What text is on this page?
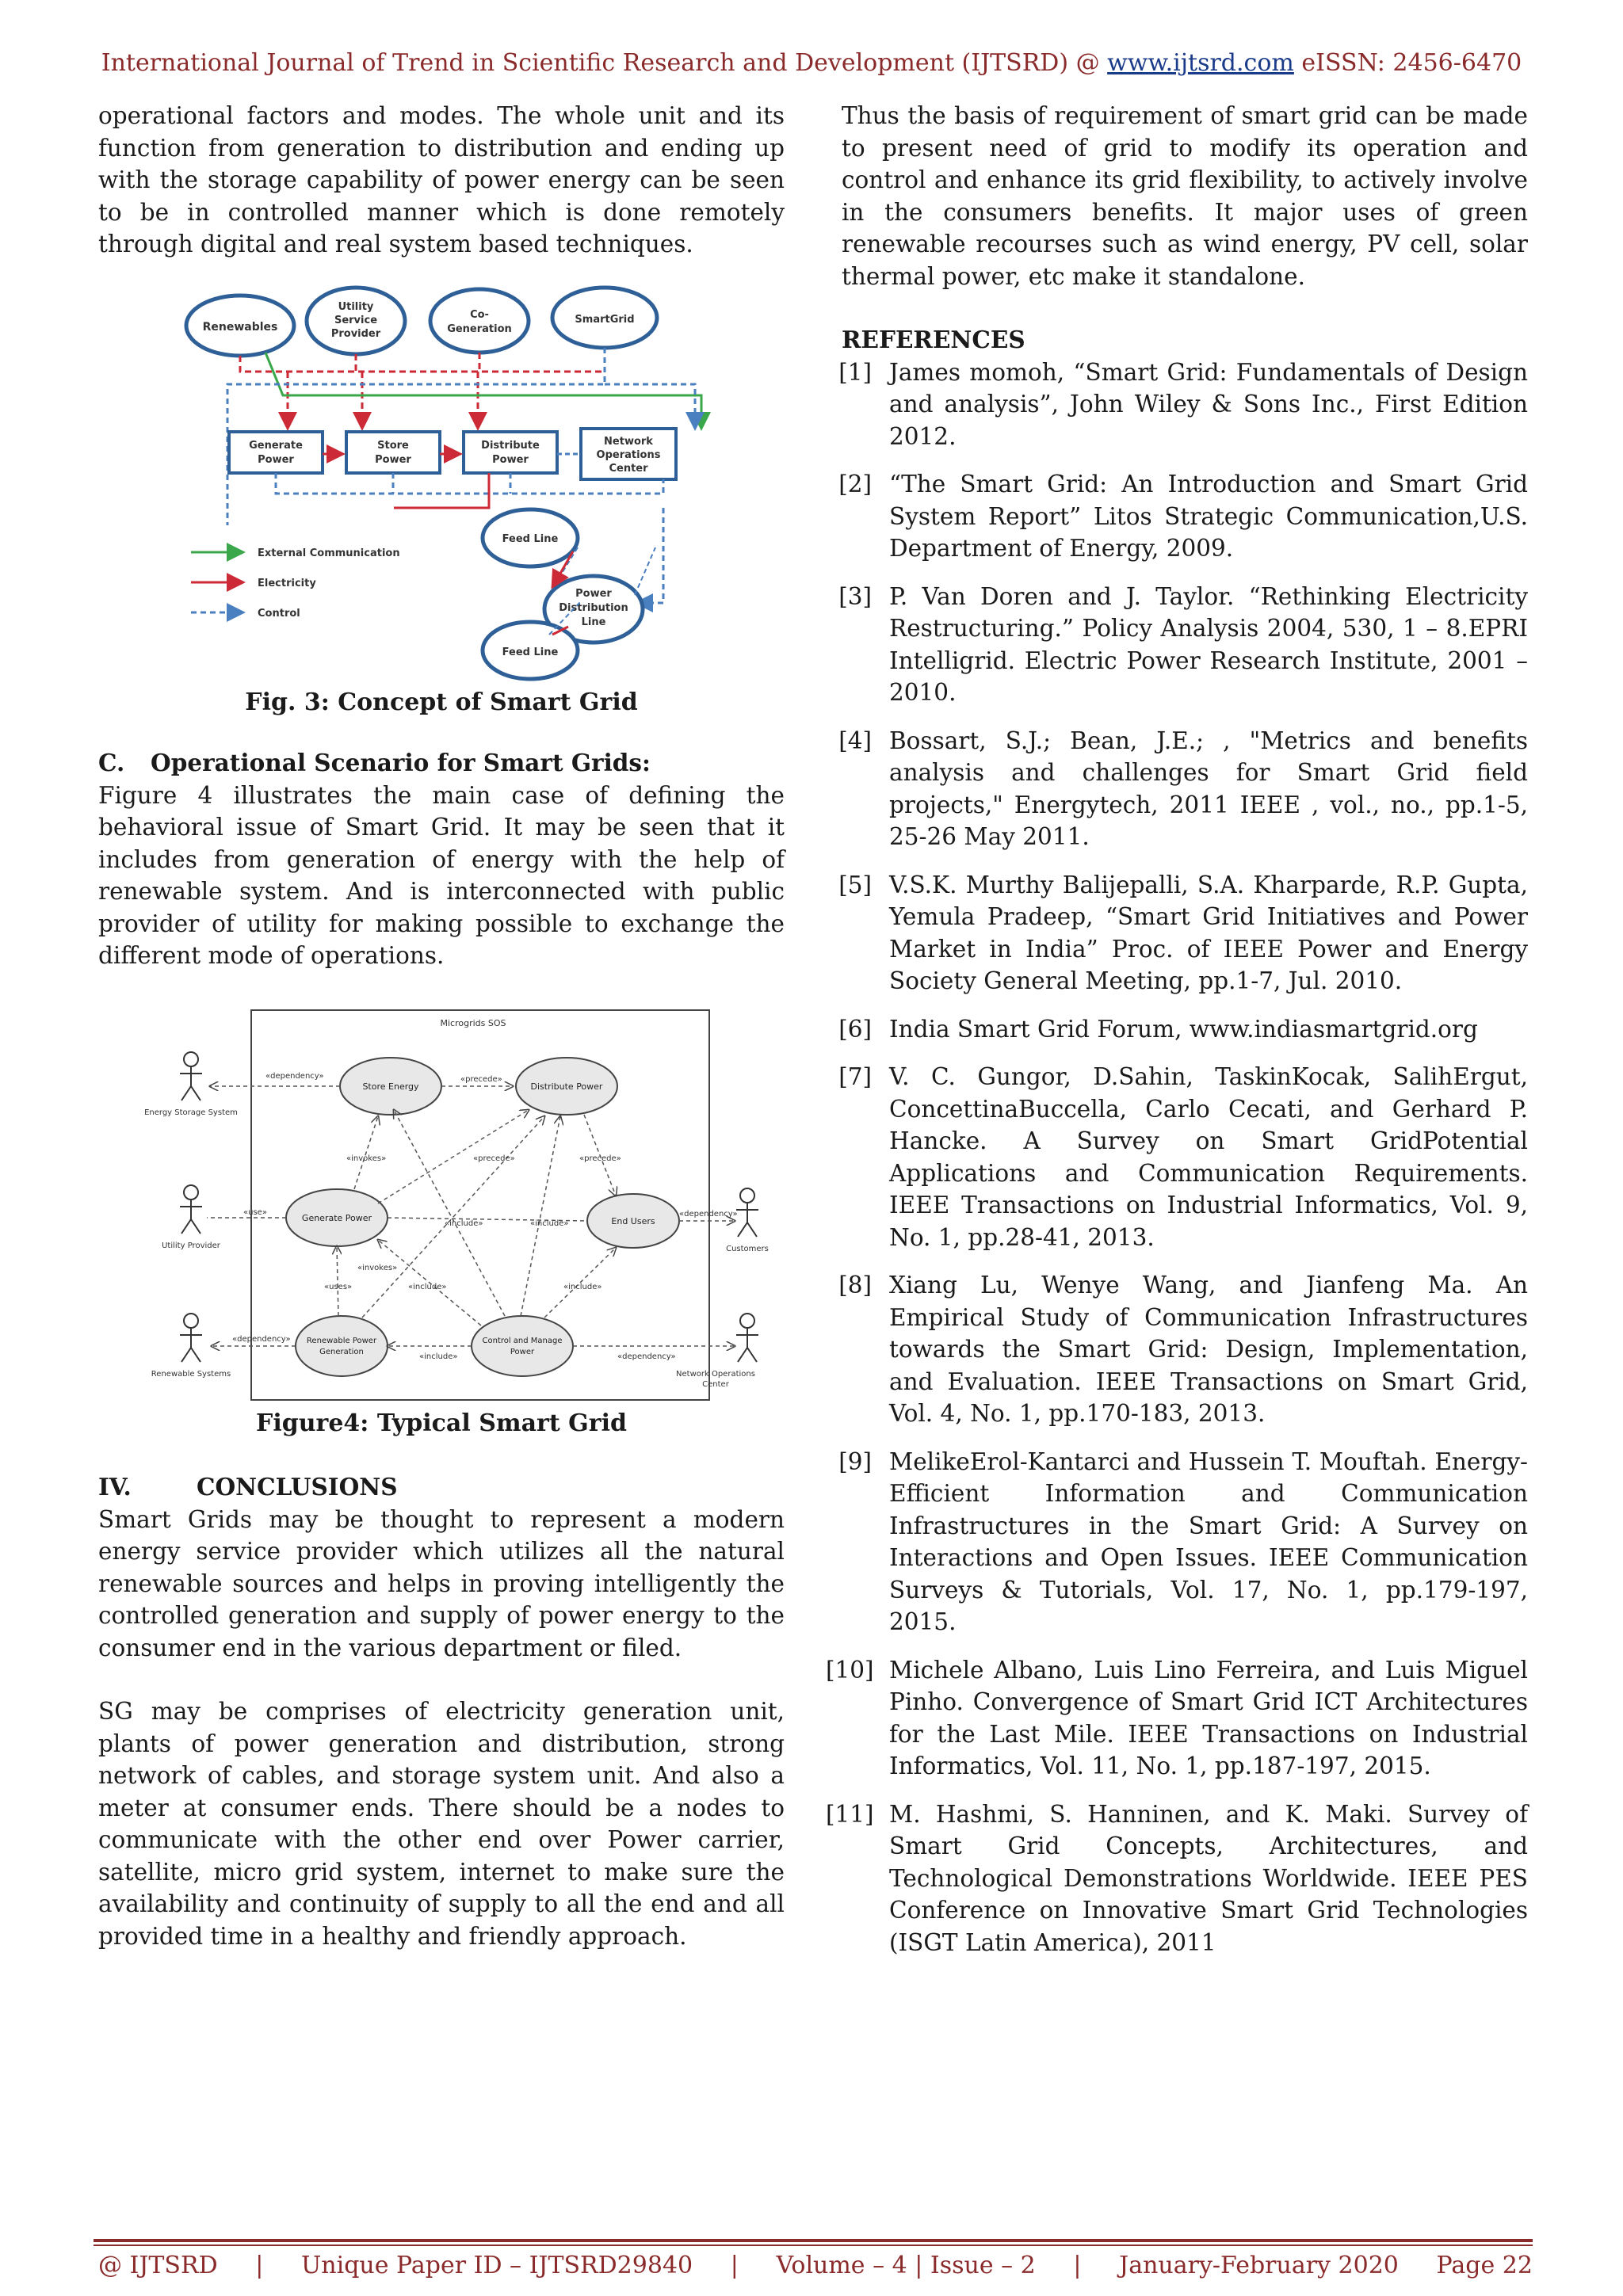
International Journal of Trend in Scientific Research and Development (IJTSRD) @ www.ijtsrd.com eISSN: 2456-6470

operational factors and modes. The whole unit and its function from generation to distribution and ending up with the storage capability of power energy can be seen to be in controlled manner which is done remotely through digital and real system based techniques.

Renewables
Utility
Service
Provider
Co-
Generation
SmartGrid
Generate
Power
Store
Power
Distribute
Power
Network
Operations
Center
Feed Line
Power
Distribution
Line
Feed Line
External Communication
Electricity
Control
Fig. 3: Concept of Smart Grid
C. Operational Scenario for Smart Grids:

Figure 4 illustrates the main case of defining the behavioral issue of Smart Grid. It may be seen that it includes from generation of energy with the help of renewable system. And is interconnected with public provider of utility for making possible to exchange the different mode of operations.

Microgrids SOS
Store Energy	Distribute Power
Generate Power	End Users
Renewable Power
Generation
Control and Manage
Power
«dependency»	«precede»
«invokes»	«precede»	«precede»
«include»	«include»
«invokes»
«include»
«uses»	«include»
«include»
«use»
«dependency»
«dependency»
«dependency»
Energy Storage System
Utility Provider
Renewable Systems
Customers
Network Operations
Center
Figure4: Typical Smart Grid
IV.	CONCLUSIONS

Smart Grids may be thought to represent a modern energy service provider which utilizes all the natural renewable sources and helps in proving intelligently the controlled generation and supply of power energy to the consumer end in the various department or filed.

SG may be comprises of electricity generation unit, plants of power generation and distribution, strong network of cables, and storage system unit. And also a meter at consumer ends. There should be a nodes to communicate with the other end over Power carrier, satellite, micro grid system, internet to make sure the availability and continuity of supply to all the end and all provided time in a healthy and friendly approach.

Thus the basis of requirement of smart grid can be made to present need of grid to modify its operation and control and enhance its grid flexibility, to actively involve in the consumers benefits. It major uses of green renewable recourses such as wind energy, PV cell, solar thermal power, etc make it standalone.

REFERENCES
[1] James momoh, “Smart Grid: Fundamentals of Design and analysis”, John Wiley & Sons Inc., First Edition 2012.
[2] “The Smart Grid: An Introduction and Smart Grid System Report” Litos Strategic Communication,U.S. Department of Energy, 2009.
[3] P. Van Doren and J. Taylor. “Rethinking Electricity Restructuring.” Policy Analysis 2004, 530, 1 – 8.EPRI Intelligrid. Electric Power Research Institute, 2001 – 2010.
[4] Bossart, S.J.; Bean, J.E.; , "Metrics and benefits analysis and challenges for Smart Grid field projects," Energytech, 2011 IEEE , vol., no., pp.1-5, 25-26 May 2011.
[5] V.S.K. Murthy Balijepalli, S.A. Kharparde, R.P. Gupta, Yemula Pradeep, “Smart Grid Initiatives and Power Market in India” Proc. of IEEE Power and Energy Society General Meeting, pp.1-7, Jul. 2010.
[6] India Smart Grid Forum, www.indiasmartgrid.org
[7] V. C. Gungor, D.Sahin, TaskinKocak, SalihErgut, ConcettinaBuccella, Carlo Cecati, and Gerhard P. Hancke. A Survey on Smart GridPotential Applications and Communication Requirements. IEEE Transactions on Industrial Informatics, Vol. 9, No. 1, pp.28-41, 2013.
[8] Xiang Lu, Wenye Wang, and Jianfeng Ma. An Empirical Study of Communication Infrastructures towards the Smart Grid: Design, Implementation, and Evaluation. IEEE Transactions on Smart Grid, Vol. 4, No. 1, pp.170-183, 2013.
[9] MelikeErol-Kantarci and Hussein T. Mouftah. Energy-Efficient Information and Communication Infrastructures in the Smart Grid: A Survey on Interactions and Open Issues. IEEE Communication Surveys & Tutorials, Vol. 17, No. 1, pp.179-197, 2015.
[10] Michele Albano, Luis Lino Ferreira, and Luis Miguel Pinho. Convergence of Smart Grid ICT Architectures for the Last Mile. IEEE Transactions on Industrial Informatics, Vol. 11, No. 1, pp.187-197, 2015.
[11] M. Hashmi, S. Hanninen, and K. Maki. Survey of Smart Grid Concepts, Architectures, and Technological Demonstrations Worldwide. IEEE PES Conference on Innovative Smart Grid Technologies (ISGT Latin America), 2011
@ IJTSRD | Unique Paper ID – IJTSRD29840 | Volume – 4 | Issue – 2 | January-February 2020 Page 22
